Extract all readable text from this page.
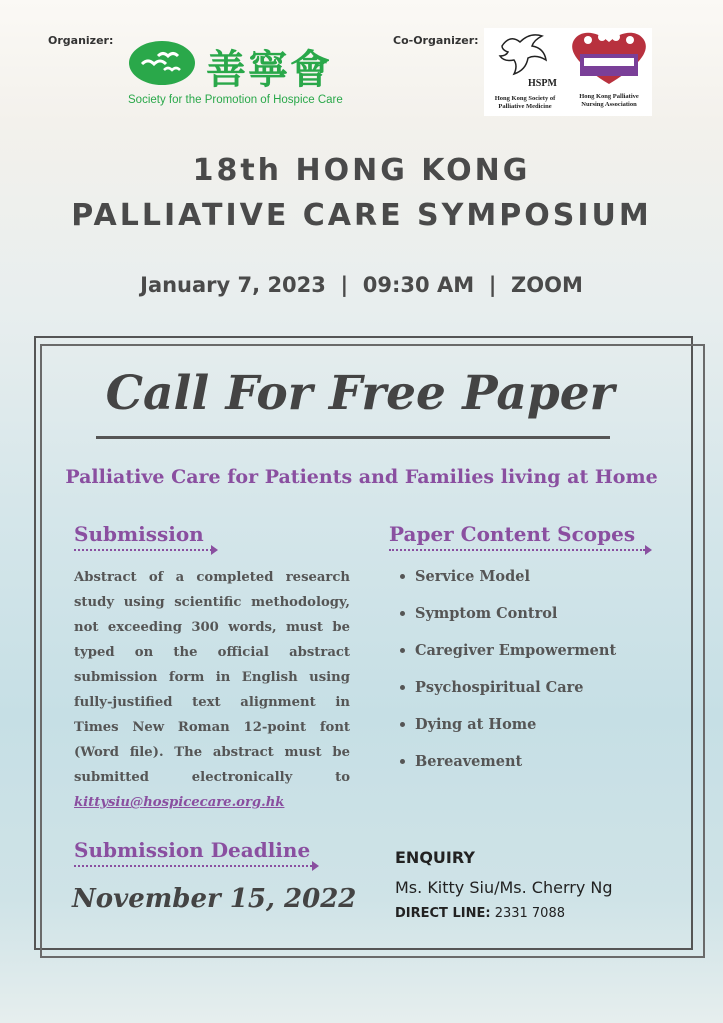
Organizer:
善寧會
Society for the Promotion of Hospice Care
Co-Organizer:
HSPM
Hong Kong Society of Palliative Medicine
Hong Kong Palliative Nursing Association
18th HONG KONG
PALLIATIVE CARE SYMPOSIUM
January 7, 2023  |  09:30 AM  |  ZOOM
Call For Free Paper
Palliative Care for Patients and Families living at Home
Submission
Abstract of a completed research study using scientific methodology, not exceeding 300 words, must be typed on the official abstract submission form in English using fully-justified text alignment in Times New Roman 12-point font (Word file). The abstract must be submitted electronically to kittysiu@hospicecare.org.hk
Paper Content Scopes
Service Model
Symptom Control
Caregiver Empowerment
Psychospiritual Care
Dying at Home
Bereavement
Submission Deadline
November 15, 2022
ENQUIRY
Ms. Kitty Siu/Ms. Cherry Ng
DIRECT LINE: 2331 7088
